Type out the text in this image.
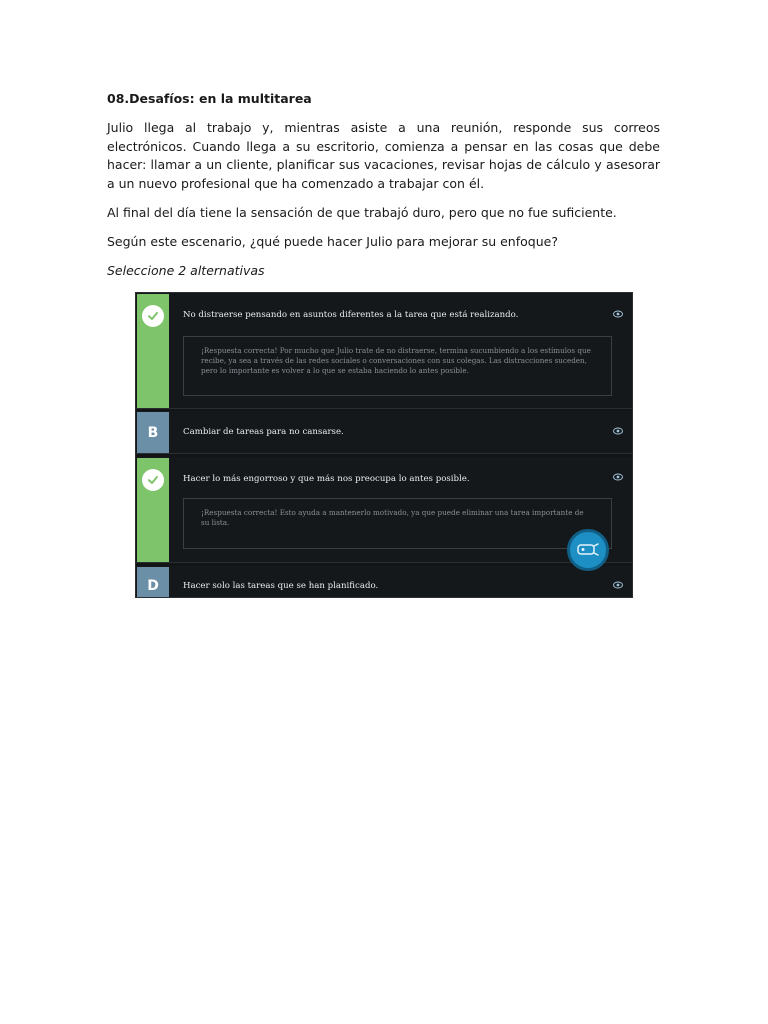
08.Desafíos: en la multitarea

Julio llega al trabajo y, mientras asiste a una reunión, responde sus correos electrónicos. Cuando llega a su escritorio, comienza a pensar en las cosas que debe hacer: llamar a un cliente, planificar sus vacaciones, revisar hojas de cálculo y asesorar a un nuevo profesional que ha comenzado a trabajar con él.

Al final del día tiene la sensación de que trabajó duro, pero que no fue suficiente.

Según este escenario, ¿qué puede hacer Julio para mejorar su enfoque?

Seleccione 2 alternativas

No distraerse pensando en asuntos diferentes a la tarea que está realizando.
¡Respuesta correcta! Por mucho que Julio trate de no distraerse, termina sucumbiendo a los estímulos que recibe, ya sea a través de las redes sociales o conversaciones con sus colegas. Las distracciones suceden, pero lo importante es volver a lo que se estaba haciendo lo antes posible.
B	Cambiar de tareas para no cansarse.
Hacer lo más engorroso y que más nos preocupa lo antes posible.
¡Respuesta correcta! Esto ayuda a mantenerlo motivado, ya que puede eliminar una tarea importante de su lista.
D	Hacer solo las tareas que se han planificado.
